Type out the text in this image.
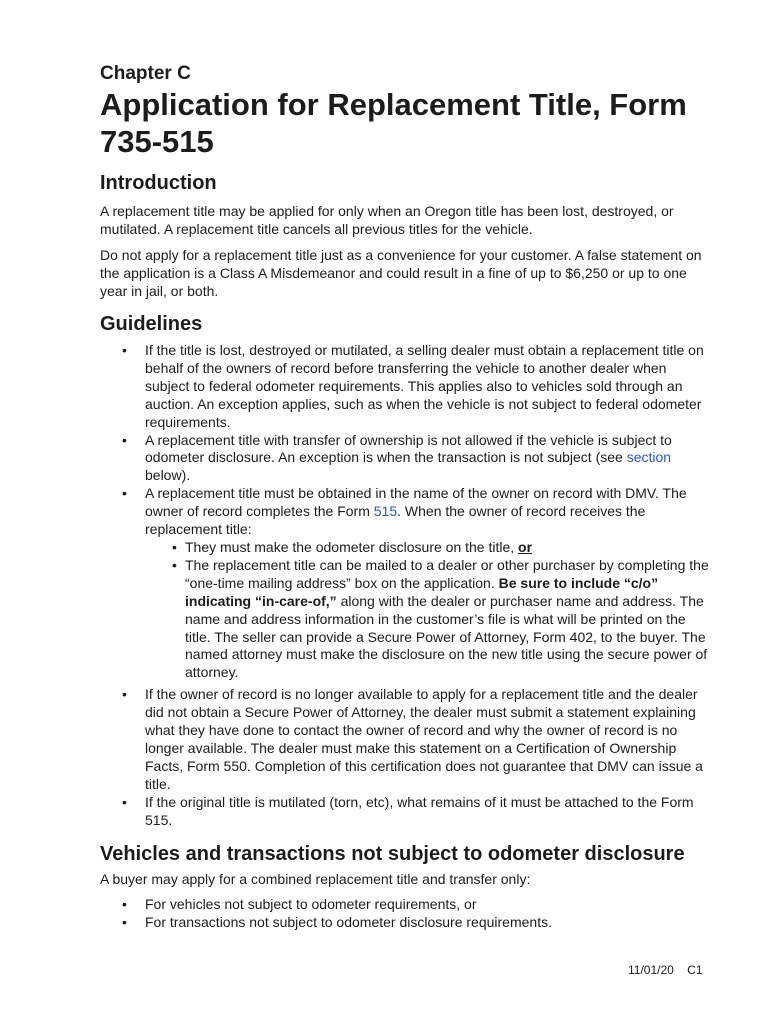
Chapter C

Application for Replacement Title, Form 735-515
Introduction

A replacement title may be applied for only when an Oregon title has been lost, destroyed, or mutilated. A replacement title cancels all previous titles for the vehicle.

Do not apply for a replacement title just as a convenience for your customer. A false statement on the application is a Class A Misdemeanor and could result in a fine of up to $6,250 or up to one year in jail, or both.

Guidelines
• If the title is lost, destroyed or mutilated, a selling dealer must obtain a replacement title on behalf of the owners of record before transferring the vehicle to another dealer when subject to federal odometer requirements. This applies also to vehicles sold through an auction. An exception applies, such as when the vehicle is not subject to federal odometer requirements.
• A replacement title with transfer of ownership is not allowed if the vehicle is subject to odometer disclosure. An exception is when the transaction is not subject (see section below).
• A replacement title must be obtained in the name of the owner on record with DMV. The owner of record completes the Form 515. When the owner of record receives the replacement title:
• They must make the odometer disclosure on the title, or
• The replacement title can be mailed to a dealer or other purchaser by completing the “one-time mailing address” box on the application. Be sure to include “c/o” indicating “in-care-of,” along with the dealer or purchaser name and address. The name and address information in the customer’s file is what will be printed on the title. The seller can provide a Secure Power of Attorney, Form 402, to the buyer. The named attorney must make the disclosure on the new title using the secure power of attorney.
• If the owner of record is no longer available to apply for a replacement title and the dealer did not obtain a Secure Power of Attorney, the dealer must submit a statement explaining what they have done to contact the owner of record and why the owner of record is no longer available. The dealer must make this statement on a Certification of Ownership Facts, Form 550. Completion of this certification does not guarantee that DMV can issue a title.
• If the original title is mutilated (torn, etc), what remains of it must be attached to the Form 515.
Vehicles and transactions not subject to odometer disclosure

A buyer may apply for a combined replacement title and transfer only:

• For vehicles not subject to odometer requirements, or
• For transactions not subject to odometer disclosure requirements.
11/01/20 C1
